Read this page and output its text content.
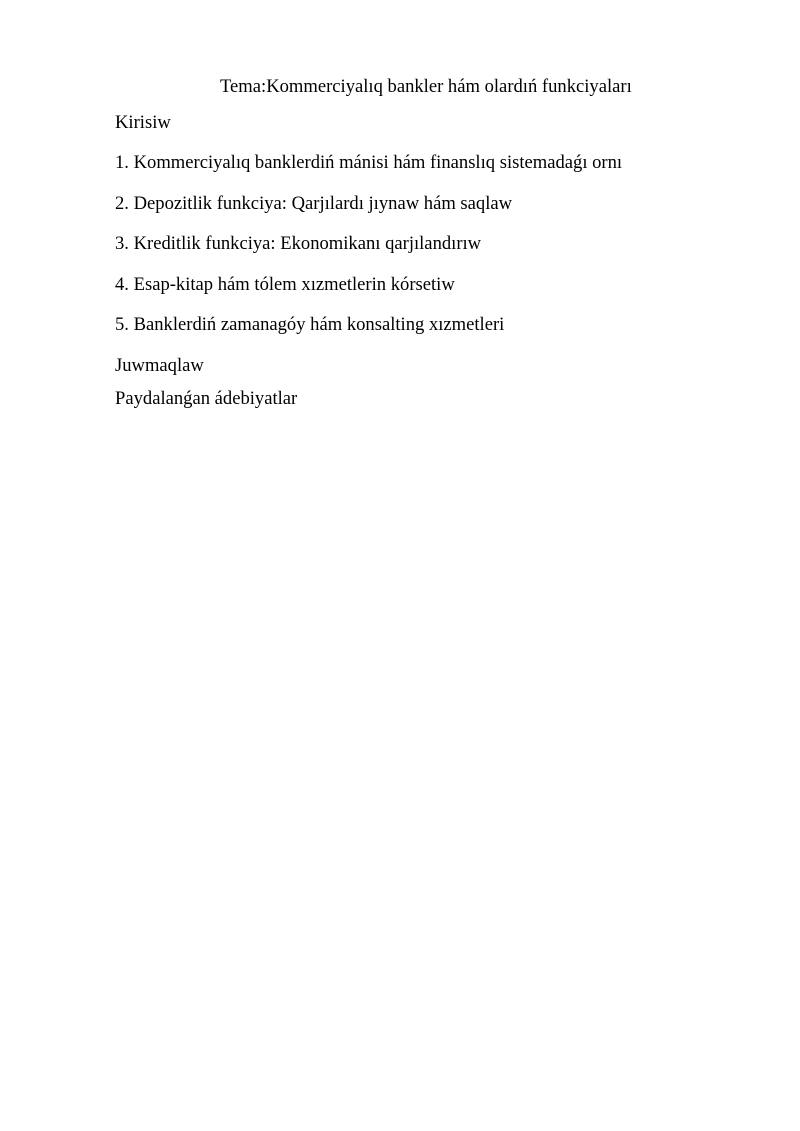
Tema:Kommerciyalıq bankler hám olardıń funkciyaları
Kirisiw
1. Kommerciyalıq banklerdiń mánisi hám finanslıq sistemadaǵı ornı
2. Depozitlik funkciya: Qarjılardı jıynaw hám saqlaw
3. Kreditlik funkciya: Ekonomikanı qarjılandırıw
4. Esap-kitap hám tólem xızmetlerin kórsetiw
5. Banklerdiń zamanagóy hám konsalting xızmetleri
Juwmaqlaw
Paydalanǵan ádebiyatlar
